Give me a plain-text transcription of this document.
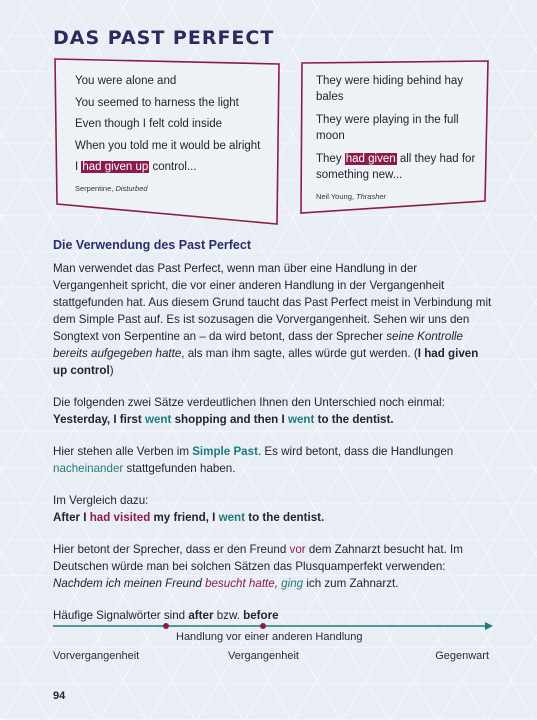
DAS PAST PERFECT

You were alone and

You seemed to harness the light

Even though I felt cold inside

When you told me it would be alright

I had given up control...

Serpentine, Disturbed

They were hiding behind hay bales

They were playing in the full moon

They had given all they had for something new...

Neil Young, Thrasher

Die Verwendung des Past Perfect

Man verwendet das Past Perfect, wenn man über eine Handlung in der Vergangenheit spricht, die vor einer anderen Handlung in der Vergangenheit stattgefunden hat. Aus diesem Grund taucht das Past Perfect meist in Verbindung mit dem Simple Past auf. Es ist sozusagen die Vorvergangenheit. Sehen wir uns den Songtext von Serpentine an – da wird betont, dass der Sprecher seine Kontrolle bereits aufgegeben hatte, als man ihm sagte, alles würde gut werden. (I had given up control)

Die folgenden zwei Sätze verdeutlichen Ihnen den Unterschied noch einmal:
Yesterday, I first went shopping and then I went to the dentist.

Hier stehen alle Verben im Simple Past. Es wird betont, dass die Handlungen nacheinander stattgefunden haben.

Im Vergleich dazu:
After I had visited my friend, I went to the dentist.

Hier betont der Sprecher, dass er den Freund vor dem Zahnarzt besucht hat. Im Deutschen würde man bei solchen Sätzen das Plusquamperfekt verwenden: Nachdem ich meinen Freund besucht hatte, ging ich zum Zahnarzt.

Häufige Signalwörter sind after bzw. before

Handlung vor einer anderen Handlung
Vorvergangenheit	Vergangenheit	Gegenwart
94
